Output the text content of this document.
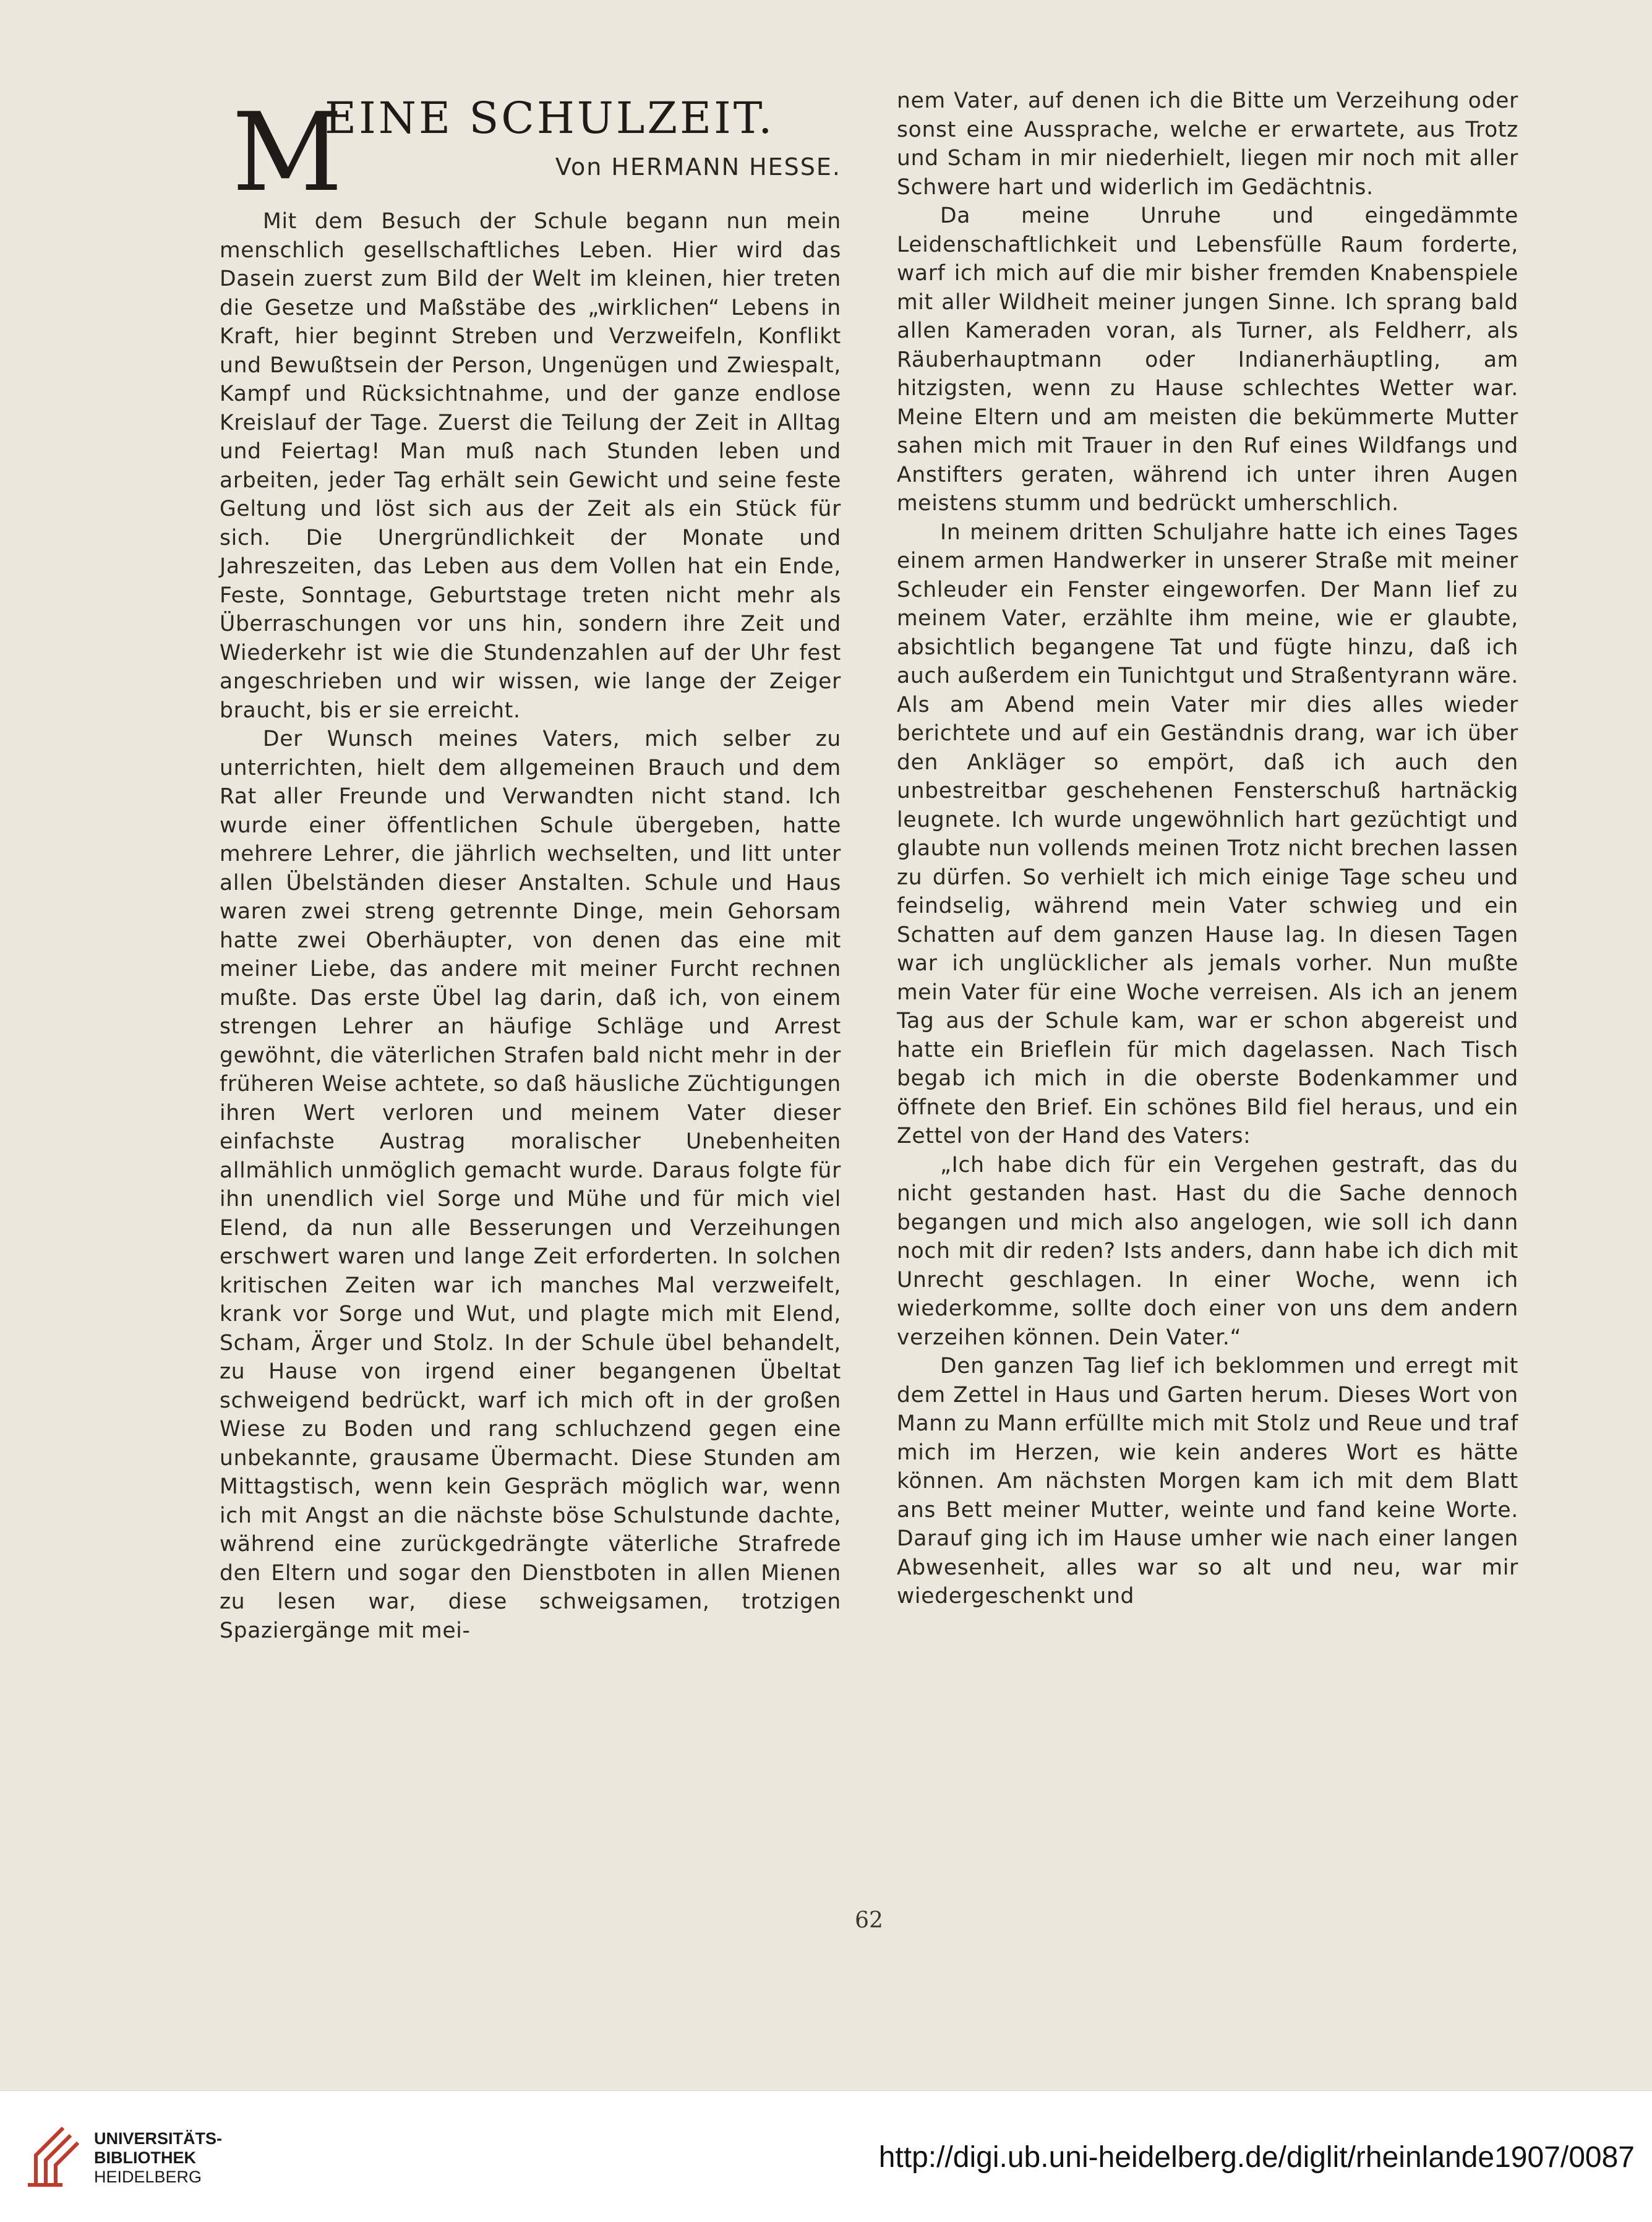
M
EINE SCHULZEIT.
Von HERMANN HESSE.

Mit dem Besuch der Schule begann nun mein menschlich gesellschaftliches Leben. Hier wird das Dasein zuerst zum Bild der Welt im kleinen, hier treten die Gesetze und Maßstäbe des „wirklichen“ Lebens in Kraft, hier beginnt Streben und Verzweifeln, Konflikt und Bewußtsein der Person, Ungenügen und Zwiespalt, Kampf und Rücksichtnahme, und der ganze endlose Kreislauf der Tage. Zuerst die Teilung der Zeit in Alltag und Feiertag! Man muß nach Stunden leben und arbeiten, jeder Tag erhält sein Gewicht und seine feste Geltung und löst sich aus der Zeit als ein Stück für sich. Die Unergründlichkeit der Monate und Jahreszeiten, das Leben aus dem Vollen hat ein Ende, Feste, Sonntage, Geburtstage treten nicht mehr als Überraschungen vor uns hin, sondern ihre Zeit und Wiederkehr ist wie die Stundenzahlen auf der Uhr fest angeschrieben und wir wissen, wie lange der Zeiger braucht, bis er sie erreicht.

Der Wunsch meines Vaters, mich selber zu unterrichten, hielt dem allgemeinen Brauch und dem Rat aller Freunde und Verwandten nicht stand. Ich wurde einer öffentlichen Schule übergeben, hatte mehrere Lehrer, die jährlich wechselten, und litt unter allen Übelständen dieser Anstalten. Schule und Haus waren zwei streng getrennte Dinge, mein Gehorsam hatte zwei Oberhäupter, von denen das eine mit meiner Liebe, das andere mit meiner Furcht rechnen mußte. Das erste Übel lag darin, daß ich, von einem strengen Lehrer an häufige Schläge und Arrest gewöhnt, die väterlichen Strafen bald nicht mehr in der früheren Weise achtete, so daß häusliche Züchtigungen ihren Wert verloren und meinem Vater dieser einfachste Austrag moralischer Unebenheiten allmählich unmöglich gemacht wurde. Daraus folgte für ihn unendlich viel Sorge und Mühe und für mich viel Elend, da nun alle Besserungen und Verzeihungen erschwert waren und lange Zeit erforderten. In solchen kritischen Zeiten war ich manches Mal verzweifelt, krank vor Sorge und Wut, und plagte mich mit Elend, Scham, Ärger und Stolz. In der Schule übel behandelt, zu Hause von irgend einer begangenen Übeltat schweigend bedrückt, warf ich mich oft in der großen Wiese zu Boden und rang schluchzend gegen eine unbekannte, grausame Übermacht. Diese Stunden am Mittagstisch, wenn kein Gespräch möglich war, wenn ich mit Angst an die nächste böse Schulstunde dachte, während eine zurückgedrängte väterliche Strafrede den Eltern und sogar den Dienstboten in allen Mienen zu lesen war, diese schweigsamen, trotzigen Spaziergänge mit mei-

nem Vater, auf denen ich die Bitte um Verzeihung oder sonst eine Aussprache, welche er erwartete, aus Trotz und Scham in mir niederhielt, liegen mir noch mit aller Schwere hart und widerlich im Gedächtnis.

Da meine Unruhe und eingedämmte Leidenschaftlichkeit und Lebensfülle Raum forderte, warf ich mich auf die mir bisher fremden Knabenspiele mit aller Wildheit meiner jungen Sinne. Ich sprang bald allen Kameraden voran, als Turner, als Feldherr, als Räuberhauptmann oder Indianerhäuptling, am hitzigsten, wenn zu Hause schlechtes Wetter war. Meine Eltern und am meisten die bekümmerte Mutter sahen mich mit Trauer in den Ruf eines Wildfangs und Anstifters geraten, während ich unter ihren Augen meistens stumm und bedrückt umherschlich.

In meinem dritten Schuljahre hatte ich eines Tages einem armen Handwerker in unserer Straße mit meiner Schleuder ein Fenster eingeworfen. Der Mann lief zu meinem Vater, erzählte ihm meine, wie er glaubte, absichtlich begangene Tat und fügte hinzu, daß ich auch außerdem ein Tunichtgut und Straßentyrann wäre. Als am Abend mein Vater mir dies alles wieder berichtete und auf ein Geständnis drang, war ich über den Ankläger so empört, daß ich auch den unbestreitbar geschehenen Fensterschuß hartnäckig leugnete. Ich wurde ungewöhnlich hart gezüchtigt und glaubte nun vollends meinen Trotz nicht brechen lassen zu dürfen. So verhielt ich mich einige Tage scheu und feindselig, während mein Vater schwieg und ein Schatten auf dem ganzen Hause lag. In diesen Tagen war ich unglücklicher als jemals vorher. Nun mußte mein Vater für eine Woche verreisen. Als ich an jenem Tag aus der Schule kam, war er schon abgereist und hatte ein Brieflein für mich dagelassen. Nach Tisch begab ich mich in die oberste Bodenkammer und öffnete den Brief. Ein schönes Bild fiel heraus, und ein Zettel von der Hand des Vaters:

„Ich habe dich für ein Vergehen gestraft, das du nicht gestanden hast. Hast du die Sache dennoch begangen und mich also angelogen, wie soll ich dann noch mit dir reden? Ists anders, dann habe ich dich mit Unrecht geschlagen. In einer Woche, wenn ich wiederkomme, sollte doch einer von uns dem andern verzeihen können. Dein Vater.“

Den ganzen Tag lief ich beklommen und erregt mit dem Zettel in Haus und Garten herum. Dieses Wort von Mann zu Mann erfüllte mich mit Stolz und Reue und traf mich im Herzen, wie kein anderes Wort es hätte können. Am nächsten Morgen kam ich mit dem Blatt ans Bett meiner Mutter, weinte und fand keine Worte. Darauf ging ich im Hause umher wie nach einer langen Abwesenheit, alles war so alt und neu, war mir wiedergeschenkt und

62
UNIVERSITÄTS-
BIBLIOTHEK
HEIDELBERG
http://digi.ub.uni-heidelberg.de/diglit/rheinlande1907/0087
